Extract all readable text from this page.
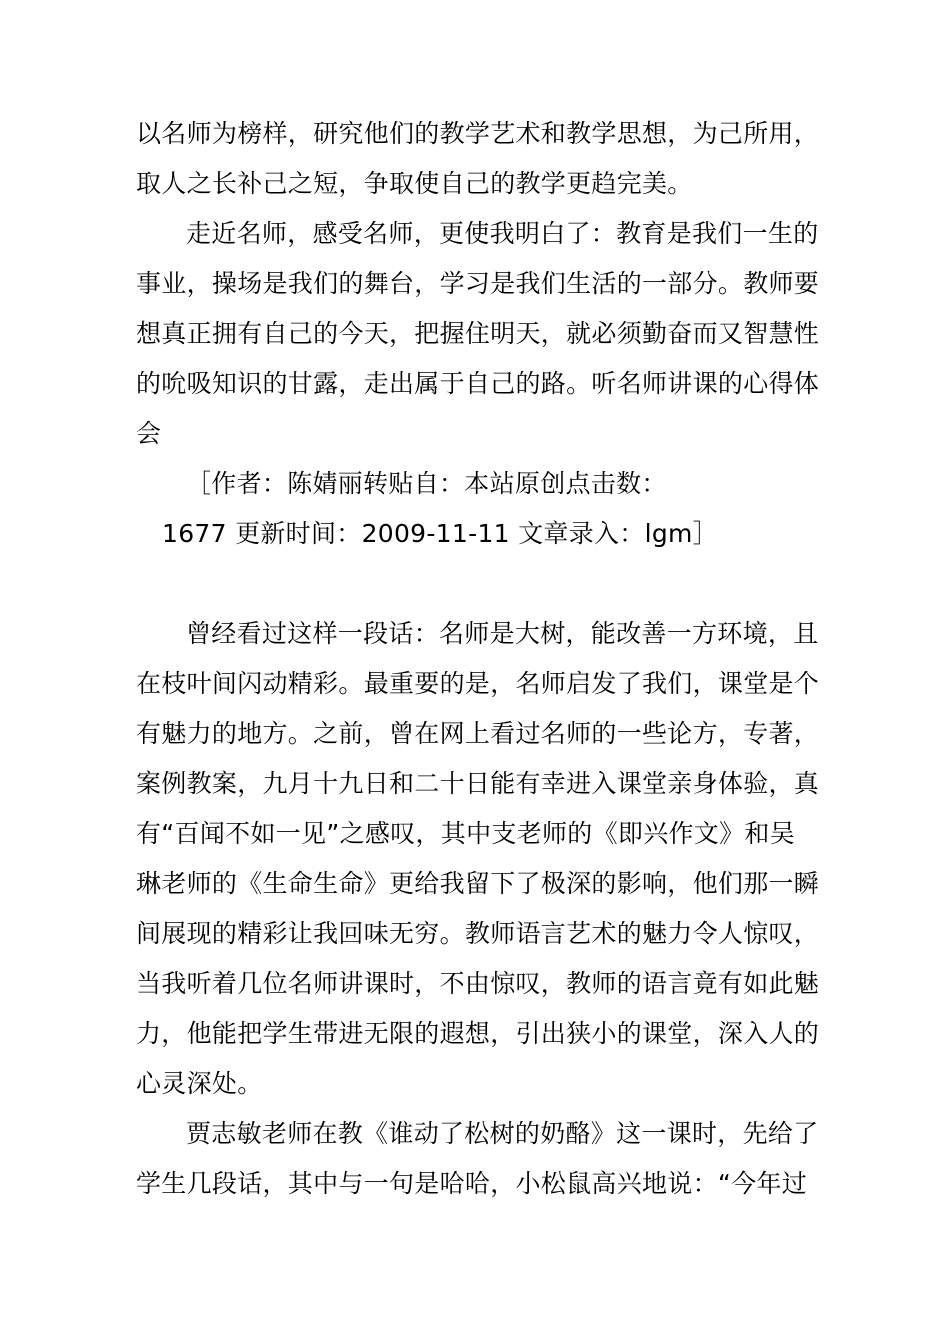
以名师为榜样，研究他们的教学艺术和教学思想，为己所用，
取人之长补己之短，争取使自己的教学更趋完美。
走近名师，感受名师，更使我明白了：教育是我们一生的
事业，操场是我们的舞台，学习是我们生活的一部分。教师要
想真正拥有自己的今天，把握住明天，就必须勤奋而又智慧性
的吮吸知识的甘露，走出属于自己的路。听名师讲课的心得体
会
［作者：陈婧丽转贴自：本站原创点击数：
1677 更新时间：2009-11-11 文章录入：lgm］
曾经看过这样一段话：名师是大树，能改善一方环境，且
在枝叶间闪动精彩。最重要的是，名师启发了我们，课堂是个
有魅力的地方。之前，曾在网上看过名师的一些论方，专著，
案例教案，九月十九日和二十日能有幸进入课堂亲身体验，真
有“百闻不如一见”之感叹，其中支老师的《即兴作文》和吴
琳老师的《生命生命》更给我留下了极深的影响，他们那一瞬
间展现的精彩让我回味无穷。教师语言艺术的魅力令人惊叹，
当我听着几位名师讲课时，不由惊叹，教师的语言竟有如此魅
力，他能把学生带进无限的遐想，引出狭小的课堂，深入人的
心灵深处。
贾志敏老师在教《谁动了松树的奶酪》这一课时，先给了
学生几段话，其中与一句是哈哈，小松鼠高兴地说：“今年过
